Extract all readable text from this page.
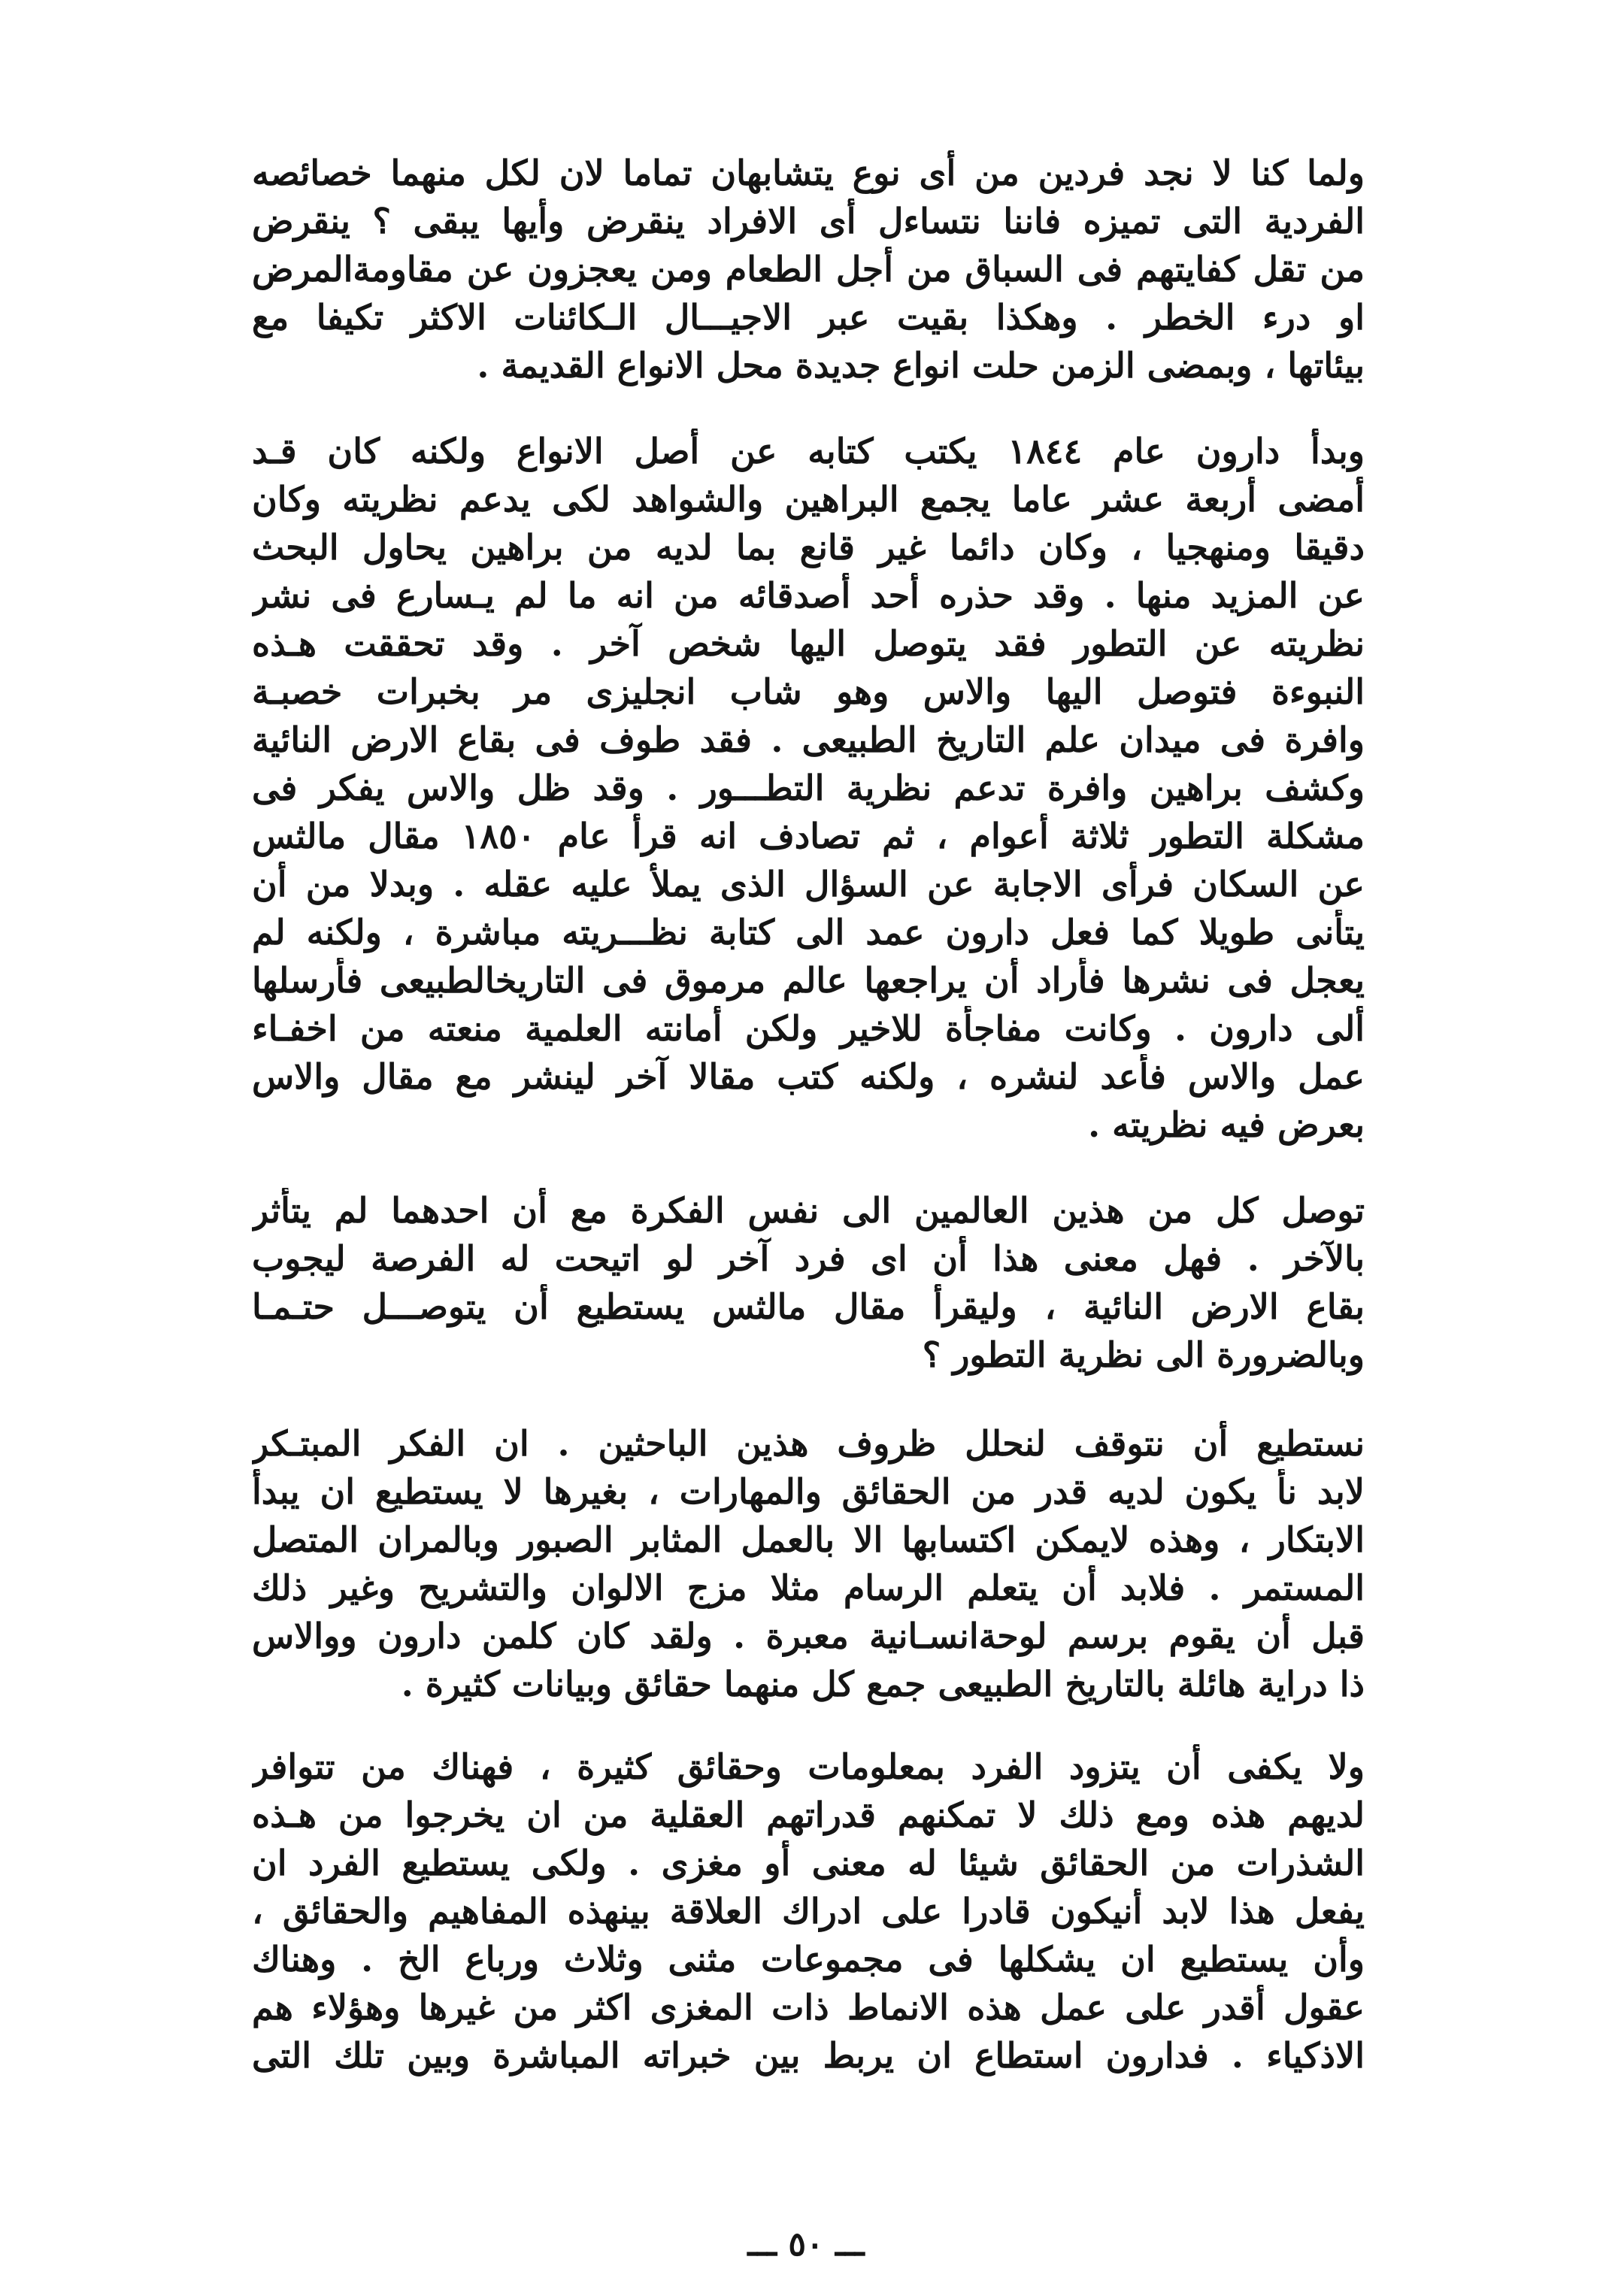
ولما كنا لا نجد فردين من أى نوع يتشابهان تماما لان لكل منهما خصائصه
الفردية التى تميزه فاننا نتساءل أى الافراد ينقرض وأيها يبقى ؟ ينقرض
من تقل كفايتهم فى السباق من أجل الطعام ومن يعجزون عن مقاومةالمرض
او درء الخطر . وهكذا بقيت عبر الاجيـــال الـكائنات الاكثر تكيفا مع
بيئاتها ، وبمضى الزمن حلت انواع جديدة محل الانواع القديمة .
وبدأ دارون عام ١٨٤٤ يكتب كتابه عن أصل الانواع ولكنه كان قـد
أمضى أربعة عشر عاما يجمع البراهين والشواهد لكى يدعم نظريته وكان
دقيقا ومنهجيا ، وكان دائما غير قانع بما لديه من براهين يحاول البحث
عن المزيد منها . وقد حذره أحد أصدقائه من انه ما لم يـسارع فى نشر
نظريته عن التطور فقد يتوصل اليها شخص آخر . وقد تحققت هـذه
النبوءة فتوصل اليها والاس وهو شاب انجليزى مر بخبرات خصبـة
وافرة فى ميدان علم التاريخ الطبيعى . فقد طوف فى بقاع الارض النائية
وكشف براهين وافرة تدعم نظرية التطـــور . وقد ظل والاس يفكر فى
مشكلة التطور ثلاثة أعوام ، ثم تصادف انه قرأ عام ١٨٥٠ مقال مالثس
عن السكان فرأى الاجابة عن السؤال الذى يملأ عليه عقله . وبدلا من أن
يتأنى طويلا كما فعل دارون عمد الى كتابة نظـــريته مباشرة ، ولكنه لم
يعجل فى نشرها فأراد أن يراجعها عالم مرموق فى التاريخالطبيعى فأرسلها
ألى دارون . وكانت مفاجأة للاخير ولكن أمانته العلمية منعته من اخفـاء
عمل والاس فأعد لنشره ، ولكنه كتب مقالا آخر لينشر مع مقال والاس
بعرض فيه نظريته .
توصل كل من هذين العالمين الى نفس الفكرة مع أن احدهما لم يتأثر
بالآخر . فهل معنى هذا أن اى فرد آخر لو اتيحت له الفرصة ليجوب
بقاع الارض النائية ، وليقرأ مقال مالثس يستطيع أن يتوصـــل حتـمـا
وبالضرورة الى نظرية التطور ؟
نستطيع أن نتوقف لنحلل ظروف هذين الباحثين . ان الفكر المبتـكر
لابد نأ يكون لديه قدر من الحقائق والمهارات ، بغيرها لا يستطيع ان يبدأ
الابتكار ، وهذه لايمكن اكتسابها الا بالعمل المثابر الصبور وبالمران المتصل
المستمر . فلابد أن يتعلم الرسام مثلا مزج الالوان والتشريح وغير ذلك
قبل أن يقوم برسم لوحةانسـانية معبرة . ولقد كان كلمن دارون ووالاس
ذا دراية هائلة بالتاريخ الطبيعى جمع كل منهما حقائق وبيانات كثيرة .
ولا يكفى أن يتزود الفرد بمعلومات وحقائق كثيرة ، فهناك من تتوافر
لديهم هذه ومع ذلك لا تمكنهم قدراتهم العقلية من ان يخرجوا من هـذه
الشذرات من الحقائق شيئا له معنى أو مغزى . ولكى يستطيع الفرد ان
يفعل هذا لابد أنيكون قادرا على ادراك العلاقة بينهذه المفاهيم والحقائق ،
وأن يستطيع ان يشكلها فى مجموعات مثنى وثلاث ورباع الخ . وهناك
عقول أقدر على عمل هذه الانماط ذات المغزى اكثر من غيرها وهؤلاء هم
الاذكياء . فدارون استطاع ان يربط بين خبراته المباشرة وبين تلك التى
ـــ ٥٠ ـــ
